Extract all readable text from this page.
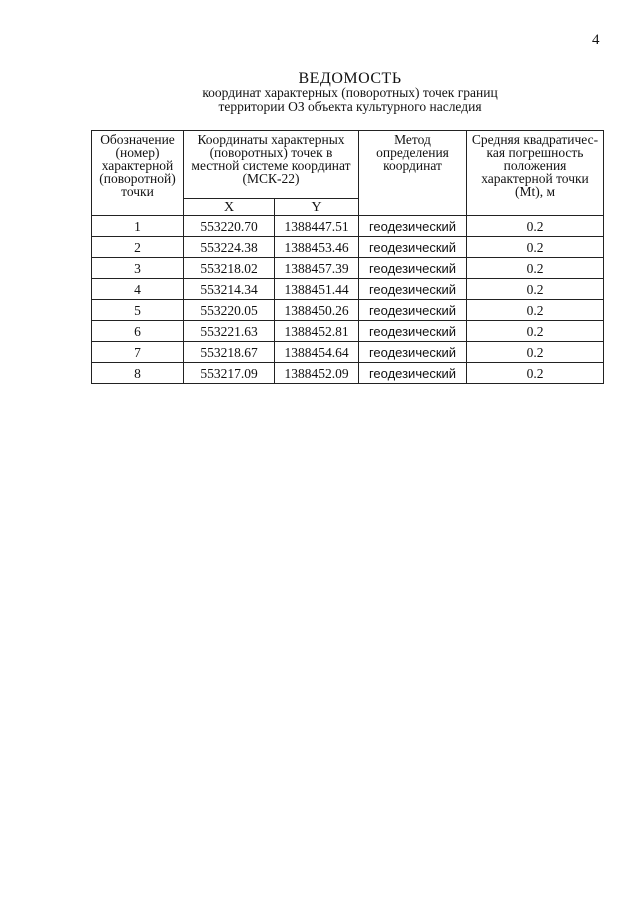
4
ВЕДОМОСТЬ
координат характерных (поворотных) точек границ
территории ОЗ объекта культурного наследия
Обозначение (номер) характерной (поворотной) точки	Координаты характерных (поворотных) точек в местной системе координат (МСК-22)		Метод определения координат	Средняя квадратичес-кая погрешность положения характерной точки (Mt), м
	X	Y		
1	553220.70	1388447.51	геодезический	0.2
2	553224.38	1388453.46	геодезический	0.2
3	553218.02	1388457.39	геодезический	0.2
4	553214.34	1388451.44	геодезический	0.2
5	553220.05	1388450.26	геодезический	0.2
6	553221.63	1388452.81	геодезический	0.2
7	553218.67	1388454.64	геодезический	0.2
8	553217.09	1388452.09	геодезический	0.2
